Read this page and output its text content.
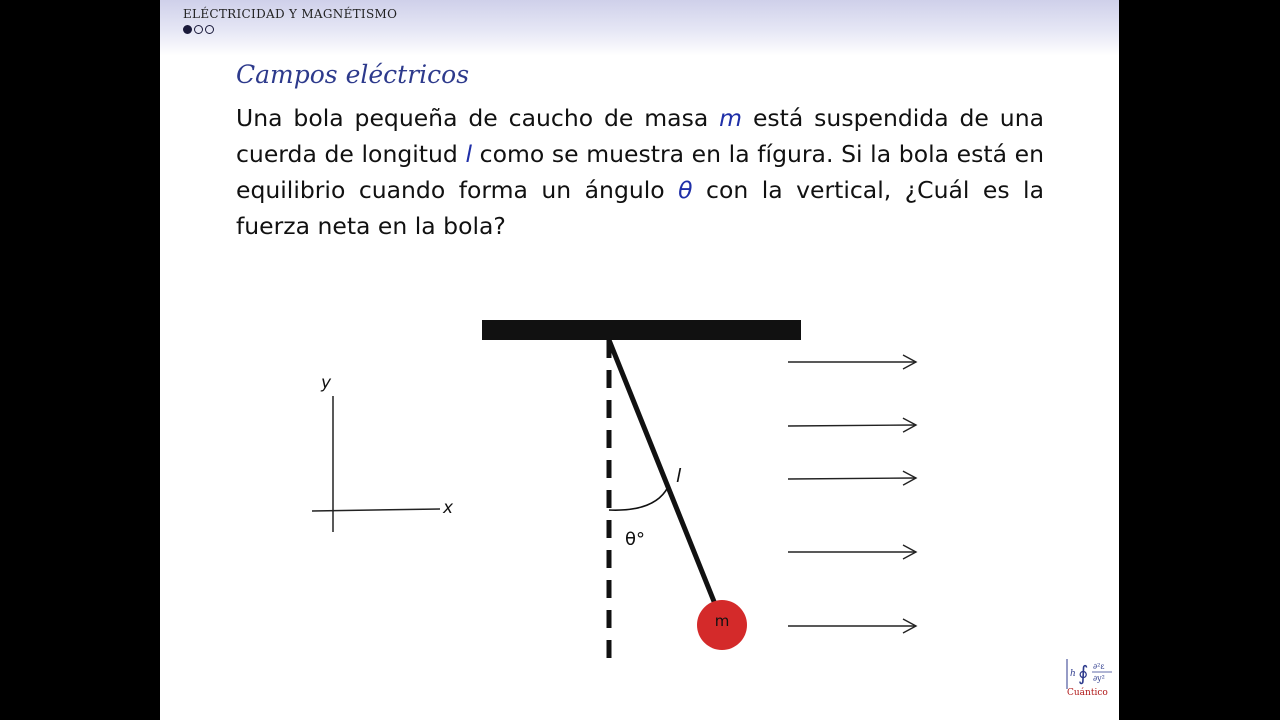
ELÉCTRICIDAD Y MAGNÉTISMO
Campos eléctricos
Una bola pequeña de caucho de masa m está suspendida de una cuerda de longitud l como se muestra en la fígura. Si la bola está en equilibrio cuando forma un ángulo θ con la vertical, ¿Cuál es la fuerza neta en la bola?
y
x
l
θ°
m
h ∮ ∂²ε
∂y²
Cuántico
